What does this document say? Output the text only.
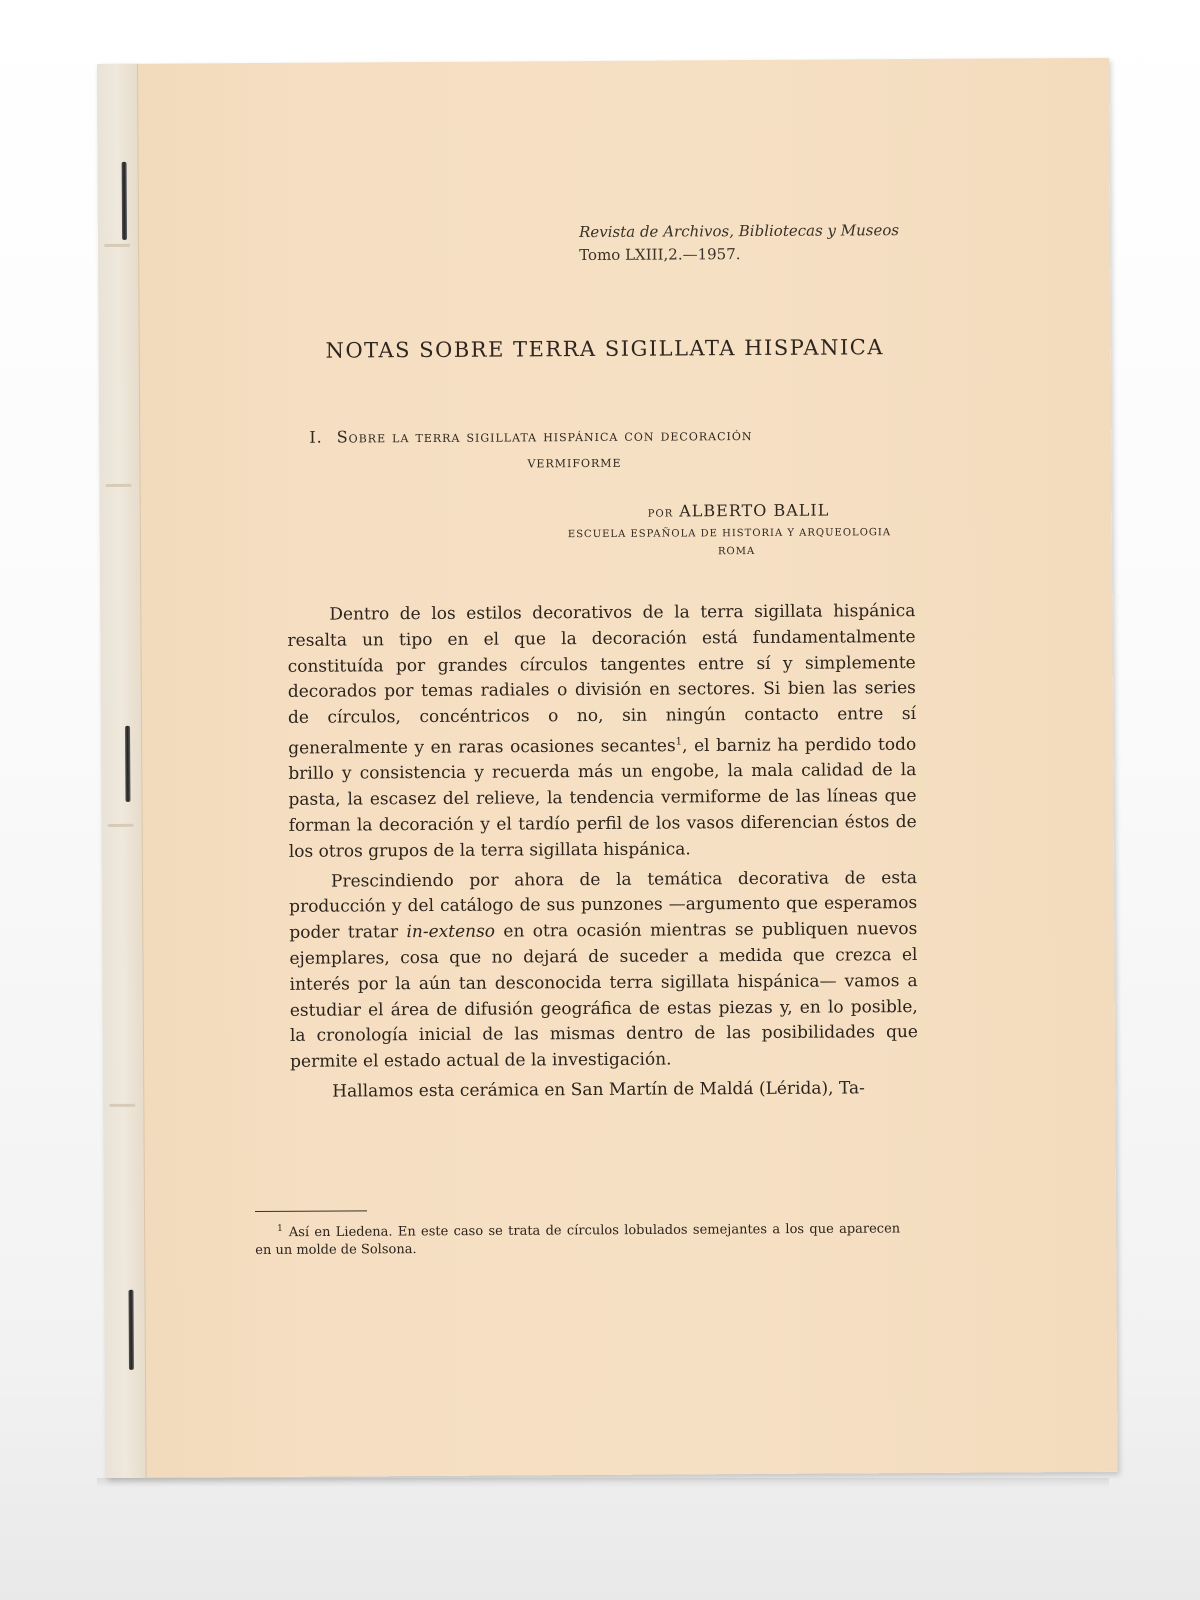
Revista de Archivos, Bibliotecas y Museos
Tomo LXIII,2.—1957.
NOTAS SOBRE TERRA SIGILLATA HISPANICA
I. Sobre la terra sigillata hispánica con decoración
vermiforme
POR ALBERTO BALIL
ESCUELA ESPAÑOLA DE HISTORIA Y ARQUEOLOGIA
ROMA

Dentro de los estilos decorativos de la terra sigillata hispánica resalta un tipo en el que la decoración está fundamentalmente constituída por grandes círculos tangentes entre sí y simplemente decorados por temas radiales o división en sectores. Si bien las series de círculos, concéntricos o no, sin ningún contacto entre sí generalmente y en raras ocasiones secantes$^1$, el barniz ha perdido todo brillo y consistencia y recuerda más un engobe, la mala calidad de la pasta, la escasez del relieve, la tendencia vermiforme de las líneas que forman la decoración y el tardío perfil de los vasos diferencian éstos de los otros grupos de la terra sigillata hispánica.

Prescindiendo por ahora de la temática decorativa de esta producción y del catálogo de sus punzones —argumento que esperamos poder tratar in-extenso en otra ocasión mientras se publiquen nuevos ejemplares, cosa que no dejará de suceder a medida que crezca el interés por la aún tan desconocida terra sigillata hispánica— vamos a estudiar el área de difusión geográfica de estas piezas y, en lo posible, la cronología inicial de las mismas dentro de las posibilidades que permite el estado actual de la investigación.

Hallamos esta cerámica en San Martín de Maldá (Lérida), Ta-

$^1$ Así en Liedena. En este caso se trata de círculos lobulados semejantes a los que aparecen en un molde de Solsona.
